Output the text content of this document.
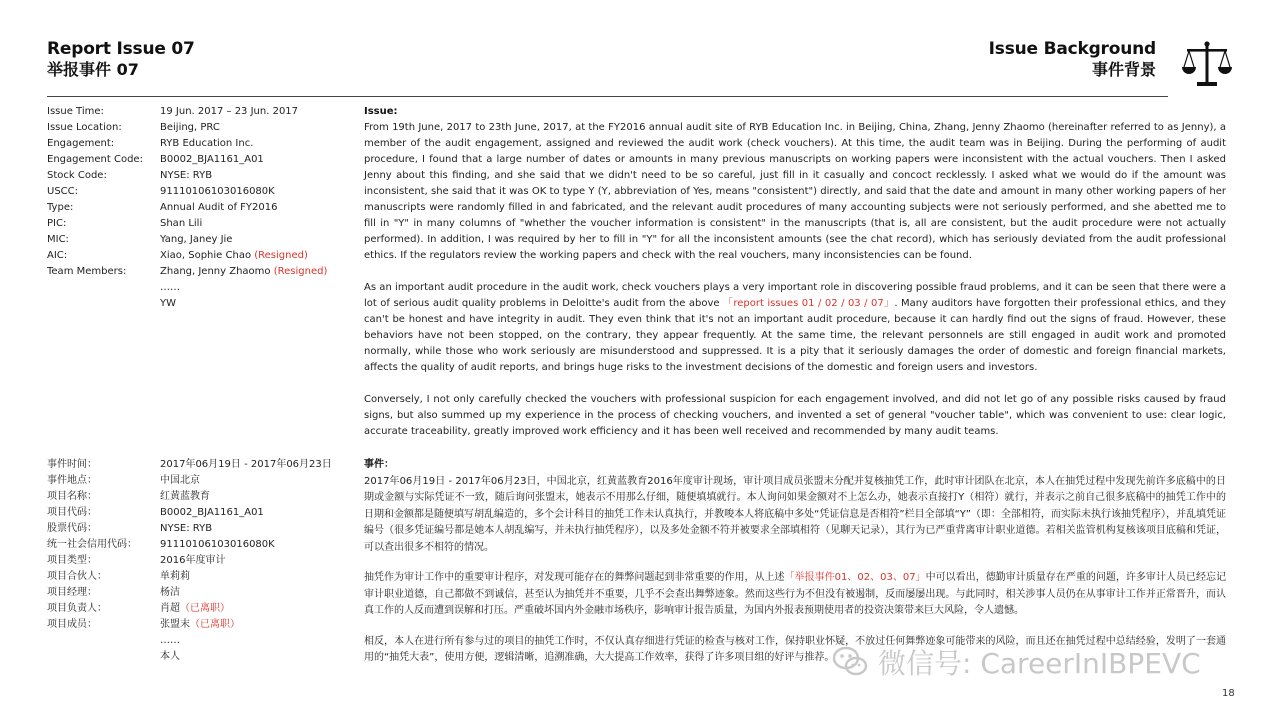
Report Issue 07
举报事件 07
Issue Background
事件背景
Issue Time:	19 Jun. 2017 – 23 Jun. 2017
Issue Location:	Beijing, PRC
Engagement:	RYB Education Inc.
Engagement Code:	B0002_BJA1161_A01
Stock Code:	NYSE: RYB
USCC:	91110106103016080K
Type:	Annual Audit of FY2016
PIC:	Shan Lili
MIC:	Yang, Janey Jie
AIC:	Xiao, Sophie Chao (Resigned)
Team Members:	Zhang, Jenny Zhaomo (Resigned)
……
YW
Issue:

From 19th June, 2017 to 23th June, 2017, at the FY2016 annual audit site of RYB Education Inc. in Beijing, China, Zhang, Jenny Zhaomo (hereinafter referred to as Jenny), a member of the audit engagement, assigned and reviewed the audit work (check vouchers). At this time, the audit team was in Beijing. During the performing of audit procedure, I found that a large number of dates or amounts in many previous manuscripts on working papers were inconsistent with the actual vouchers. Then I asked Jenny about this finding, and she said that we didn't need to be so careful, just fill in it casually and concoct recklessly. I asked what we would do if the amount was inconsistent, she said that it was OK to type Y (Y, abbreviation of Yes, means "consistent") directly, and said that the date and amount in many other working papers of her manuscripts were randomly filled in and fabricated, and the relevant audit procedures of many accounting subjects were not seriously performed, and she abetted me to fill in "Y" in many columns of "whether the voucher information is consistent" in the manuscripts (that is, all are consistent, but the audit procedure were not actually performed). In addition, I was required by her to fill in "Y" for all the inconsistent amounts (see the chat record), which has seriously deviated from the audit professional ethics. If the regulators review the working papers and check with the real vouchers, many inconsistencies can be found.

As an important audit procedure in the audit work, check vouchers plays a very important role in discovering possible fraud problems, and it can be seen that there were a lot of serious audit quality problems in Deloitte's audit from the above 「report issues 01 / 02 / 03 / 07」. Many auditors have forgotten their professional ethics, and they can't be honest and have integrity in audit. They even think that it's not an important audit procedure, because it can hardly find out the signs of fraud. However, these behaviors have not been stopped, on the contrary, they appear frequently. At the same time, the relevant personnels are still engaged in audit work and promoted normally, while those who work seriously are misunderstood and suppressed. It is a pity that it seriously damages the order of domestic and foreign financial markets, affects the quality of audit reports, and brings huge risks to the investment decisions of the domestic and foreign users and investors.

Conversely, I not only carefully checked the vouchers with professional suspicion for each engagement involved, and did not let go of any possible risks caused by fraud signs, but also summed up my experience in the process of checking vouchers, and invented a set of general "voucher table", which was convenient to use: clear logic, accurate traceability, greatly improved work efficiency and it has been well received and recommended by many audit teams.

事件时间：	2017年06月19日 - 2017年06月23日
事件地点：	中国北京
项目名称：	红黄蓝教育
项目代码：	B0002_BJA1161_A01
股票代码：	NYSE: RYB
统一社会信用代码：	91110106103016080K
项目类型：	2016年度审计
项目合伙人：	单莉莉
项目经理：	杨洁
项目负责人：	肖超（已离职）
项目成员：	张盟末（已离职）
……
本人
事件：

2017年06月19日 - 2017年06月23日，中国北京，红黄蓝教育2016年度审计现场，审计项目成员张盟末分配并复核抽凭工作，此时审计团队在北京，本人在抽凭过程中发现先前许多底稿中的日期或金额与实际凭证不一致，随后询问张盟末，她表示不用那么仔细，随便填填就行。本人询问如果金额对不上怎么办，她表示直接打Y（相符）就行，并表示之前自己很多底稿中的抽凭工作中的日期和金额都是随便填写胡乱编造的，多个会计科目的抽凭工作未认真执行，并教唆本人将底稿中多处“凭证信息是否相符”栏目全部填“Y”（即：全部相符，而实际未执行该抽凭程序），并乱填凭证编号（很多凭证编号都是她本人胡乱编写，并未执行抽凭程序），以及多处金额不符并被要求全部填相符（见聊天记录），其行为已严重背离审计职业道德。若相关监管机构复核该项目底稿和凭证，可以查出很多不相符的情况。

抽凭作为审计工作中的重要审计程序，对发现可能存在的舞弊问题起到非常重要的作用，从上述「举报事件01、02、03、07」中可以看出，德勤审计质量存在严重的问题，许多审计人员已经忘记审计职业道德，自己都做不到诚信，甚至认为抽凭并不重要，几乎不会查出舞弊迹象。然而这些行为不但没有被遏制，反而屡屡出现。与此同时，相关涉事人员仍在从事审计工作并正常晋升，而认真工作的人反而遭到误解和打压。严重破坏国内外金融市场秩序，影响审计报告质量，为国内外报表预期使用者的投资决策带来巨大风险，令人遗憾。

相反，本人在进行所有参与过的项目的抽凭工作时，不仅认真存细进行凭证的检查与核对工作，保持职业怀疑，不放过任何舞弊迹象可能带来的风险，而且还在抽凭过程中总结经验，发明了一套通用的“抽凭大表”，使用方便，逻辑清晰，追溯准确，大大提高工作效率，获得了许多项目组的好评与推荐。	微信号: CareerInIBPEVC
18
